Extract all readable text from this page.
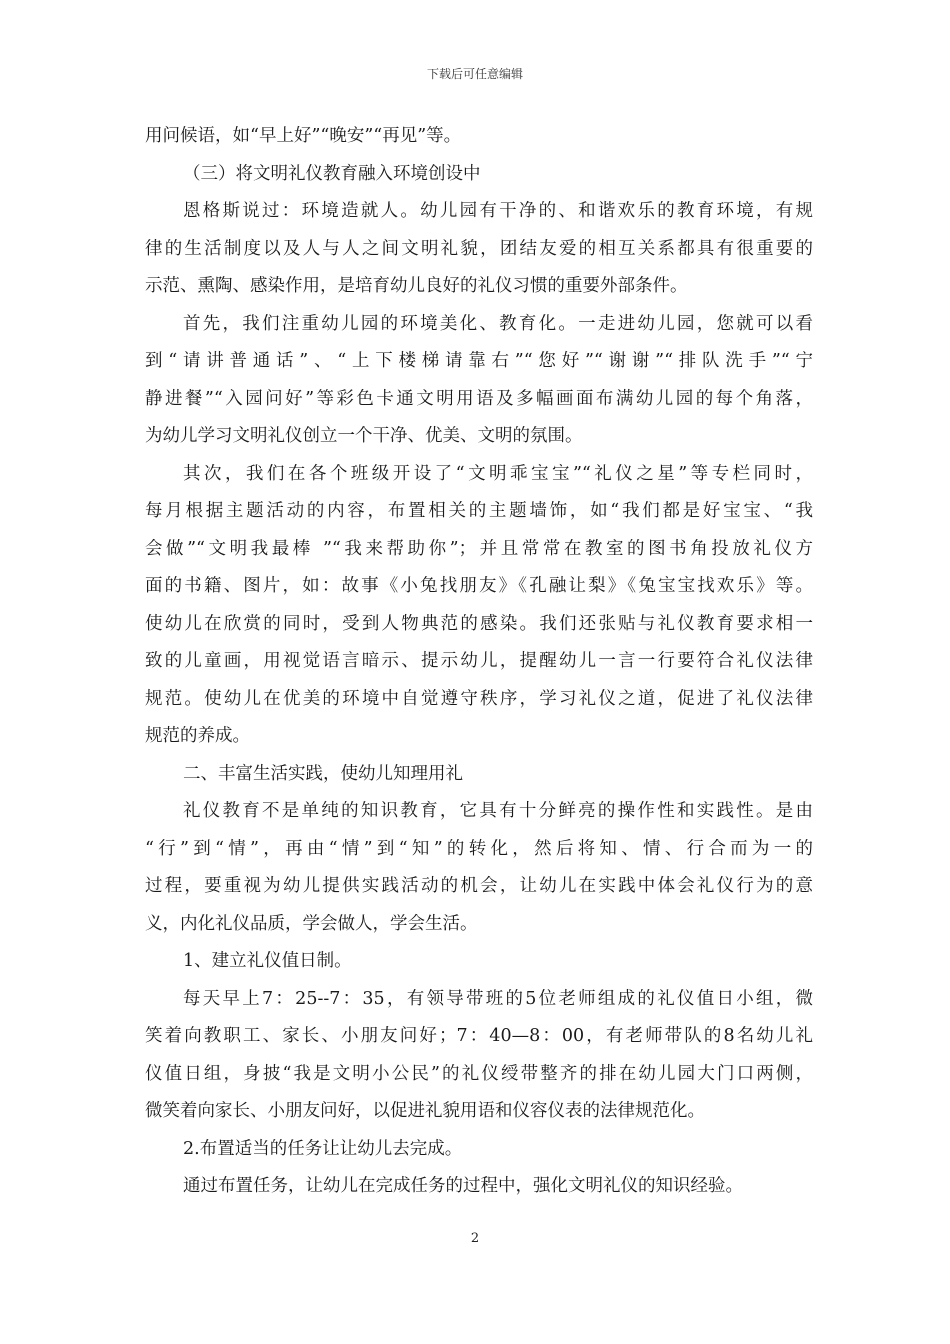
下载后可任意编辑
用问候语，如“早上好”“晚安”“再见”等。
（三）将文明礼仪教育融入环境创设中
恩格斯说过：环境造就人。幼儿园有干净的、和谐欢乐的教育环境，有规
律的生活制度以及人与人之间文明礼貌，团结友爱的相互关系都具有很重要的
示范、熏陶、感染作用，是培育幼儿良好的礼仪习惯的重要外部条件。
首先，我们注重幼儿园的环境美化、教育化。一走进幼儿园，您就可以看
到“请讲普通话”、“上下楼梯请靠右”“您好”“谢谢”“排队洗手”“宁
静进餐”“入园问好”等彩色卡通文明用语及多幅画面布满幼儿园的每个角落，
为幼儿学习文明礼仪创立一个干净、优美、文明的氛围。
其次，我们在各个班级开设了“文明乖宝宝”“礼仪之星”等专栏同时，
每月根据主题活动的内容，布置相关的主题墙饰，如“我们都是好宝宝、“我
会做”“文明我最棒 ”“我来帮助你”；并且常常在教室的图书角投放礼仪方
面的书籍、图片，如：故事《小兔找朋友》《孔融让梨》《兔宝宝找欢乐》等。
使幼儿在欣赏的同时，受到人物典范的感染。我们还张贴与礼仪教育要求相一
致的儿童画，用视觉语言暗示、提示幼儿，提醒幼儿一言一行要符合礼仪法律
规范。使幼儿在优美的环境中自觉遵守秩序，学习礼仪之道，促进了礼仪法律
规范的养成。
二、丰富生活实践，使幼儿知理用礼
礼仪教育不是单纯的知识教育，它具有十分鲜亮的操作性和实践性。是由
“行”到“情”，再由“情”到“知”的转化，然后将知、情、行合而为一的
过程，要重视为幼儿提供实践活动的机会，让幼儿在实践中体会礼仪行为的意
义，内化礼仪品质，学会做人，学会生活。
1、建立礼仪值日制。
每天早上7：25--7：35，有领导带班的5位老师组成的礼仪值日小组，微
笑着向教职工、家长、小朋友问好；7：40—8：00，有老师带队的8名幼儿礼
仪值日组，身披“我是文明小公民”的礼仪绶带整齐的排在幼儿园大门口两侧，
微笑着向家长、小朋友问好，以促进礼貌用语和仪容仪表的法律规范化。
2.布置适当的任务让让幼儿去完成。
通过布置任务，让幼儿在完成任务的过程中，强化文明礼仪的知识经验。
2
